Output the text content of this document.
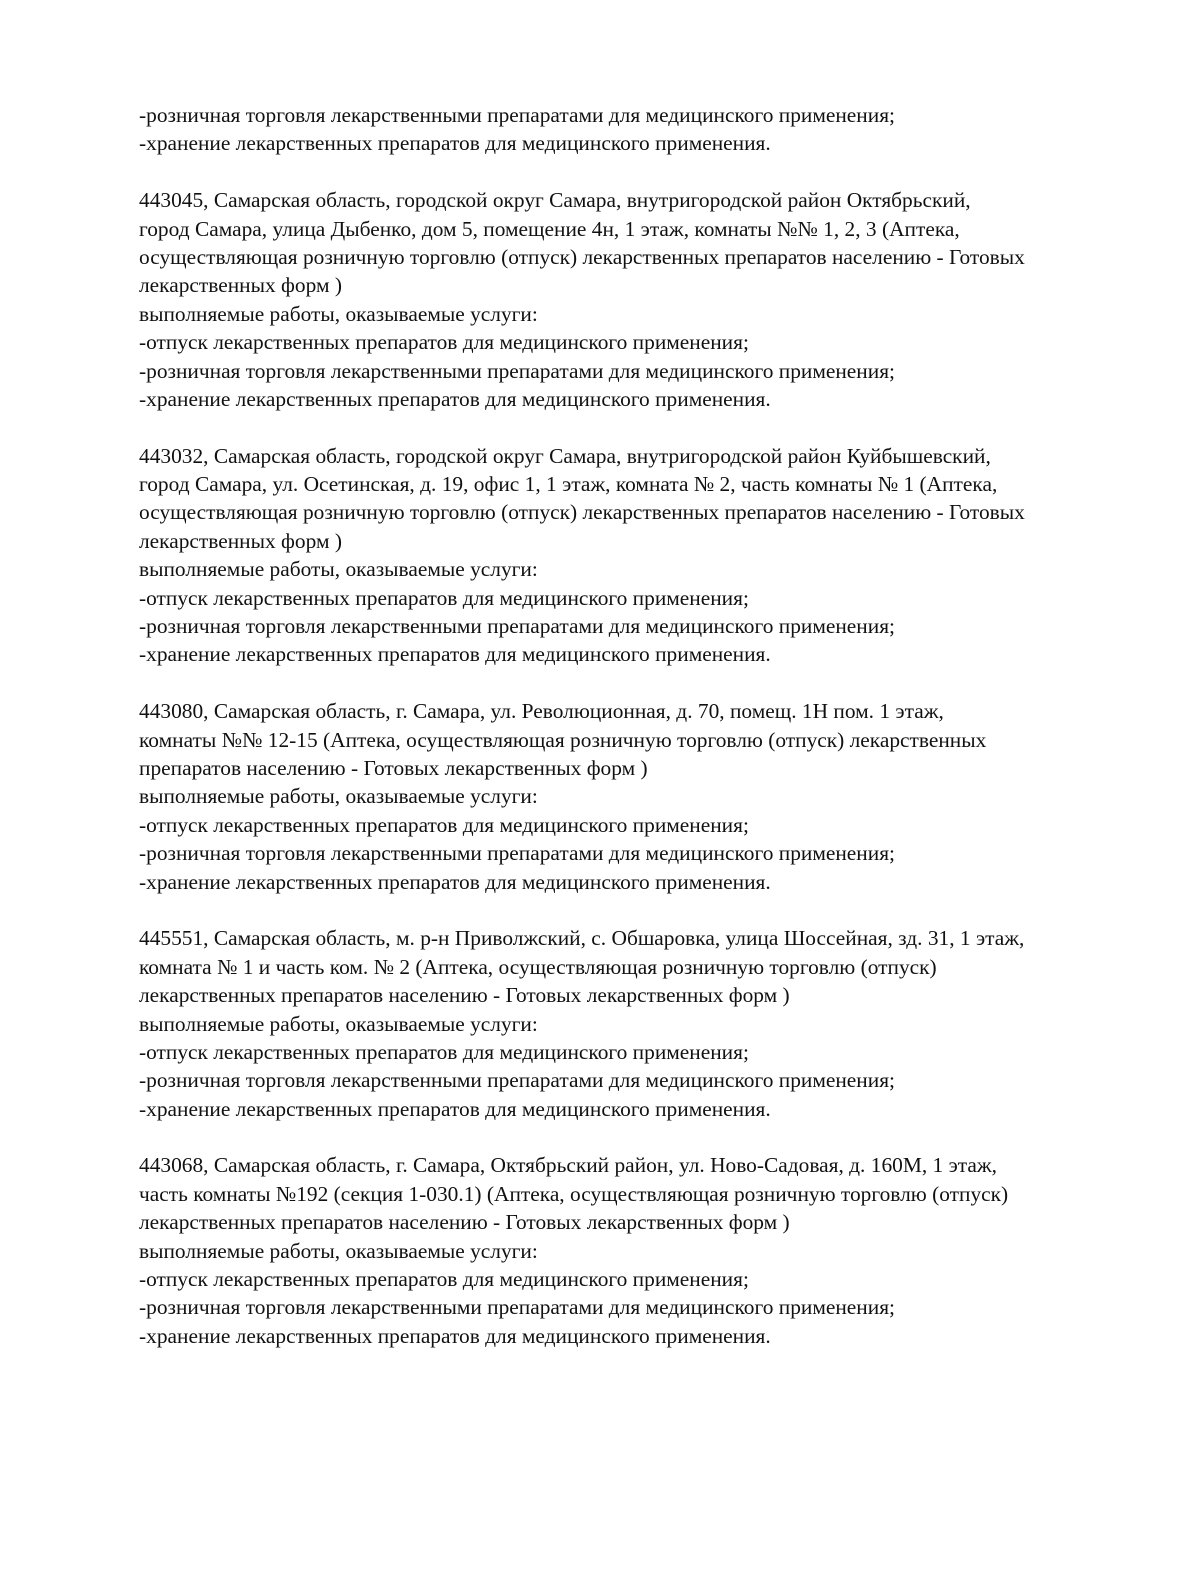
-розничная торговля лекарственными препаратами для медицинского применения;
-хранение лекарственных препаратов для медицинского применения.
443045, Самарская область, городской округ Самара, внутригородской район Октябрьский,
город Самара, улица Дыбенко, дом 5, помещение 4н, 1 этаж, комнаты №№ 1, 2, 3 (Аптека,
осуществляющая розничную торговлю (отпуск) лекарственных препаратов населению - Готовых
лекарственных форм )
выполняемые работы, оказываемые услуги:
-отпуск лекарственных препаратов для медицинского применения;
-розничная торговля лекарственными препаратами для медицинского применения;
-хранение лекарственных препаратов для медицинского применения.
443032, Самарская область, городской округ Самара, внутригородской район Куйбышевский,
город Самара, ул. Осетинская, д. 19, офис 1, 1 этаж, комната № 2, часть комнаты № 1 (Аптека,
осуществляющая розничную торговлю (отпуск) лекарственных препаратов населению - Готовых
лекарственных форм )
выполняемые работы, оказываемые услуги:
-отпуск лекарственных препаратов для медицинского применения;
-розничная торговля лекарственными препаратами для медицинского применения;
-хранение лекарственных препаратов для медицинского применения.
443080, Самарская область, г. Самара, ул. Революционная, д. 70, помещ. 1Н пом. 1 этаж,
комнаты №№ 12-15 (Аптека, осуществляющая розничную торговлю (отпуск) лекарственных
препаратов населению - Готовых лекарственных форм )
выполняемые работы, оказываемые услуги:
-отпуск лекарственных препаратов для медицинского применения;
-розничная торговля лекарственными препаратами для медицинского применения;
-хранение лекарственных препаратов для медицинского применения.
445551, Самарская область, м. р-н Приволжский, с. Обшаровка, улица Шоссейная, зд. 31, 1 этаж,
комната № 1 и часть ком. № 2 (Аптека, осуществляющая розничную торговлю (отпуск)
лекарственных препаратов населению - Готовых лекарственных форм )
выполняемые работы, оказываемые услуги:
-отпуск лекарственных препаратов для медицинского применения;
-розничная торговля лекарственными препаратами для медицинского применения;
-хранение лекарственных препаратов для медицинского применения.
443068, Самарская область, г. Самара, Октябрьский район, ул. Ново-Садовая, д. 160М, 1 этаж,
часть комнаты №192 (секция 1-030.1) (Аптека, осуществляющая розничную торговлю (отпуск)
лекарственных препаратов населению - Готовых лекарственных форм )
выполняемые работы, оказываемые услуги:
-отпуск лекарственных препаратов для медицинского применения;
-розничная торговля лекарственными препаратами для медицинского применения;
-хранение лекарственных препаратов для медицинского применения.
